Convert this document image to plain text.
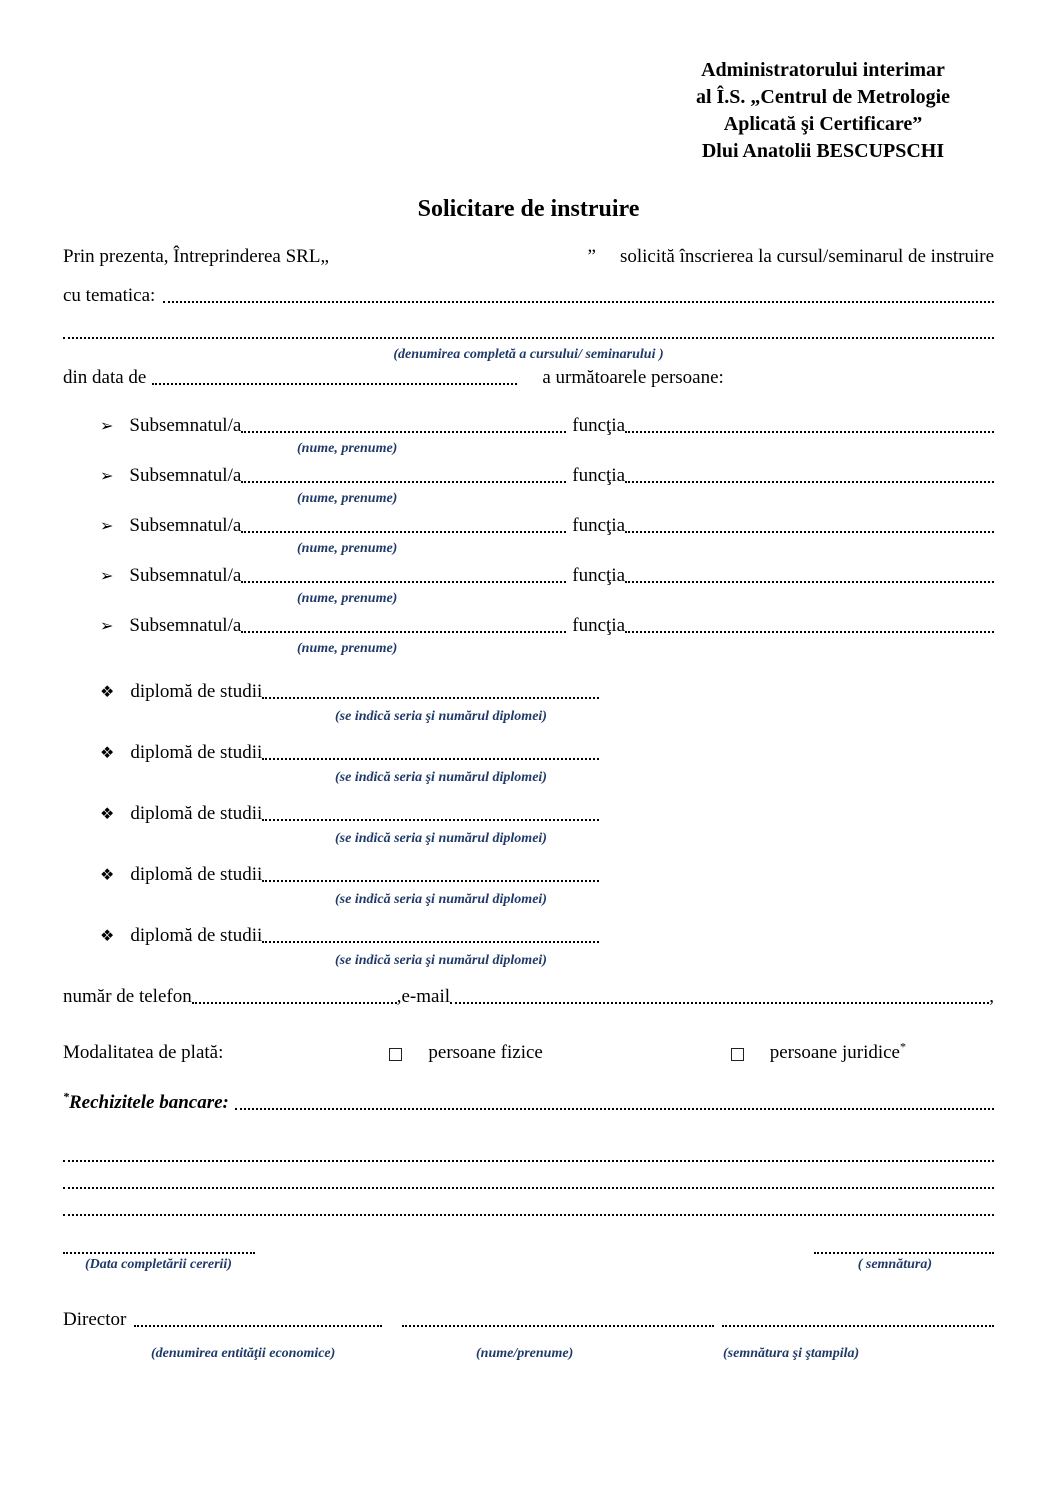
Administratorului interimar
al Î.S. „Centrul de Metrologie
Aplicată şi Certificare”
Dlui Anatolii BESCUPSCHI
Solicitare de instruire
Prin prezenta, Întreprinderea SRL„	” solicită înscrierea la cursul/seminarul de instruire
cu tematica:
(denumirea completă a cursului/ seminarului )
din data de	a următoarele persoane:
➢ Subsemnatul/a	funcţia
(nume, prenume)
➢ Subsemnatul/a	funcţia
(nume, prenume)
➢ Subsemnatul/a	funcţia
(nume, prenume)
➢ Subsemnatul/a	funcţia
(nume, prenume)
➢ Subsemnatul/a	funcţia
(nume, prenume)
❖ diplomă de studii
(se indică seria şi numărul diplomei)
❖ diplomă de studii
(se indică seria şi numărul diplomei)
❖ diplomă de studii
(se indică seria şi numărul diplomei)
❖ diplomă de studii
(se indică seria şi numărul diplomei)
❖ diplomă de studii
(se indică seria şi numărul diplomei)
număr de telefon	,e-mail	,
Modalitatea de plată:	persoane fizice	persoane juridice*
*Rechizitele bancare:
(Data completării cererii)	( semnătura)
Director
(denumirea entităţii economice)	(nume/prenume)	(semnătura şi ştampila)
